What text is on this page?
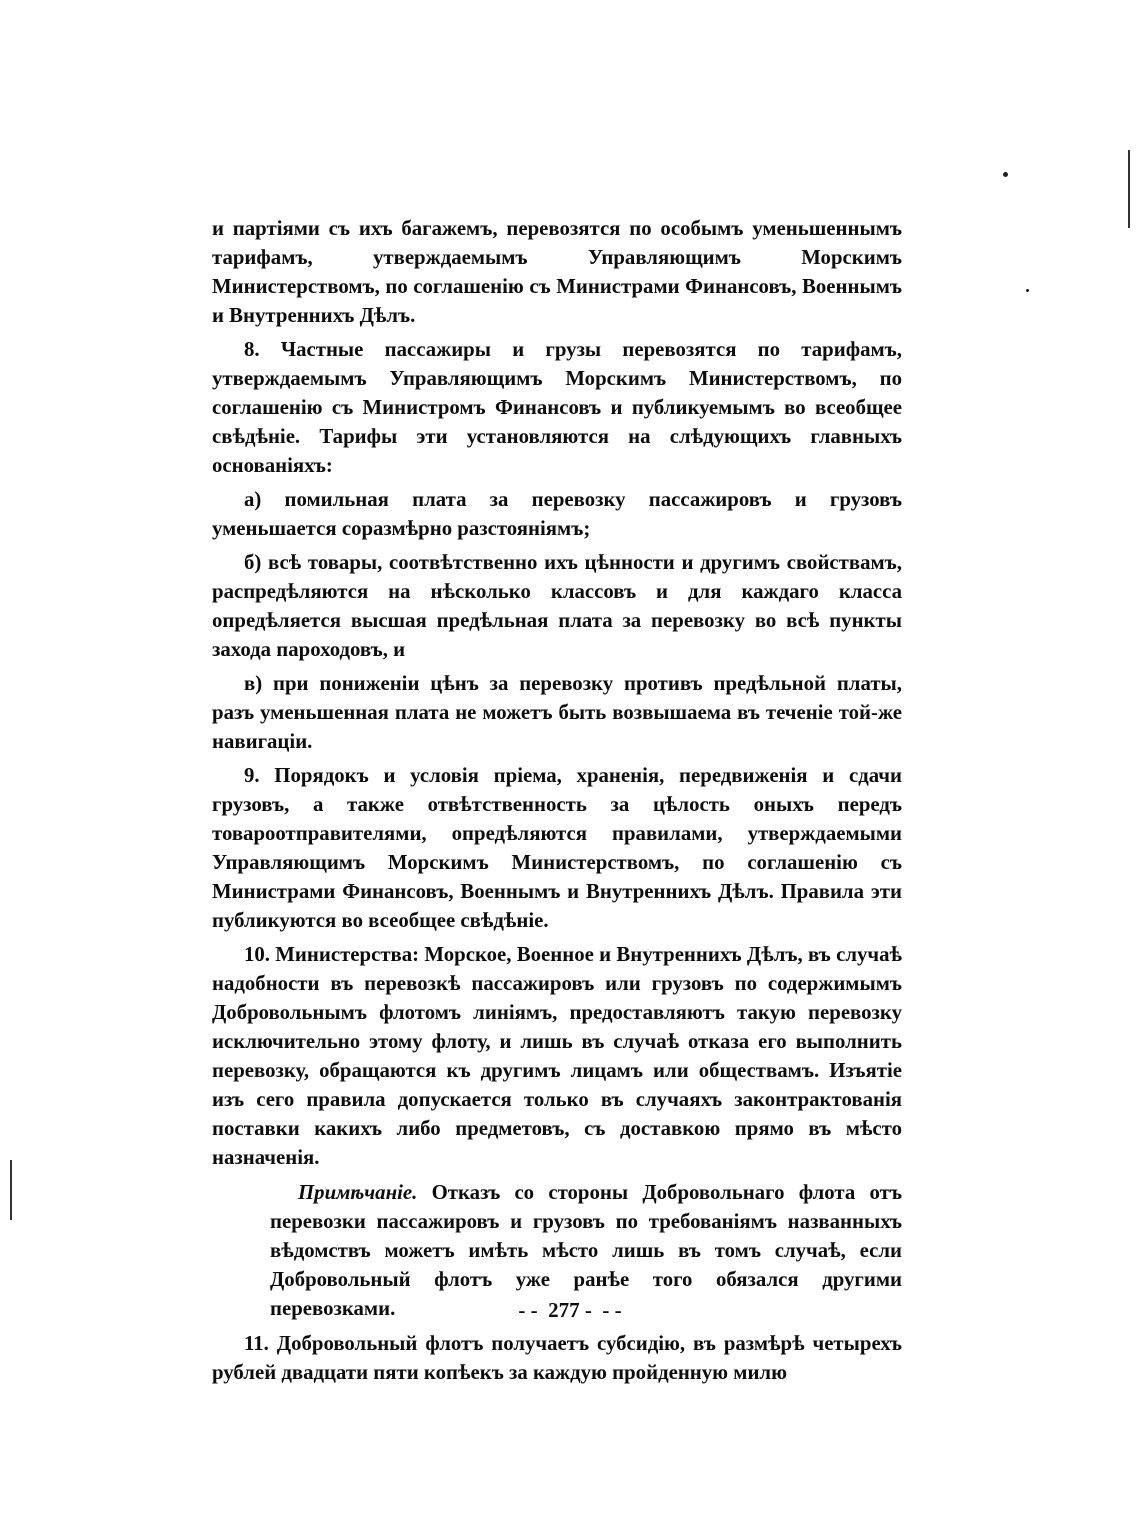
и партіями съ ихъ багажемъ, перевозятся по особымъ уменьшеннымъ тарифамъ, утверждаемымъ Управляющимъ Морскимъ Министерствомъ, по соглашенію съ Министрами Финансовъ, Военнымъ и Внутреннихъ Дѣлъ.

8. Частные пассажиры и грузы перевозятся по тарифамъ, утверждаемымъ Управляющимъ Морскимъ Министерствомъ, по соглашенію съ Министромъ Финансовъ и публикуемымъ во всеобщее свѣдѣніе. Тарифы эти установляются на слѣдующихъ главныхъ основаніяхъ:

а) помильная плата за перевозку пассажировъ и грузовъ уменьшается соразмѣрно разстояніямъ;

б) всѣ товары, соотвѣтственно ихъ цѣнности и другимъ свойствамъ, распредѣляются на нѣсколько классовъ и для каждаго класса опредѣляется высшая предѣльная плата за перевозку во всѣ пункты захода пароходовъ, и

в) при пониженіи цѣнъ за перевозку противъ предѣльной платы, разъ уменьшенная плата не можетъ быть возвышаема въ теченіе той-же навигаціи.

9. Порядокъ и условія пріема, храненія, передвиженія и сдачи грузовъ, а также отвѣтственность за цѣлость оныхъ передъ товароотправителями, опредѣляются правилами, утверждаемыми Управляющимъ Морскимъ Министерствомъ, по соглашенію съ Министрами Финансовъ, Военнымъ и Внутреннихъ Дѣлъ. Правила эти публикуются во всеобщее свѣдѣніе.

10. Министерства: Морское, Военное и Внутреннихъ Дѣлъ, въ случаѣ надобности въ перевозкѣ пассажировъ или грузовъ по содержимымъ Добровольнымъ флотомъ линіямъ, предоставляютъ такую перевозку исключительно этому флоту, и лишь въ случаѣ отказа его выполнить перевозку, обращаются къ другимъ лицамъ или обществамъ. Изъятіе изъ сего правила допускается только въ случаяхъ законтрактованія поставки какихъ либо предметовъ, съ доставкою прямо въ мѣсто назначенія.

Примѣчаніе. Отказъ со стороны Добровольнаго флота отъ перевозки пассажировъ и грузовъ по требованіямъ названныхъ вѣдомствъ можетъ имѣть мѣсто лишь въ томъ случаѣ, если Добровольный флотъ уже ранѣе того обязался другими перевозками.

11. Добровольный флотъ получаетъ субсидію, въ размѣрѣ четырехъ рублей двадцати пяти копѣекъ за каждую пройденную милю

- -  277 -  - -
